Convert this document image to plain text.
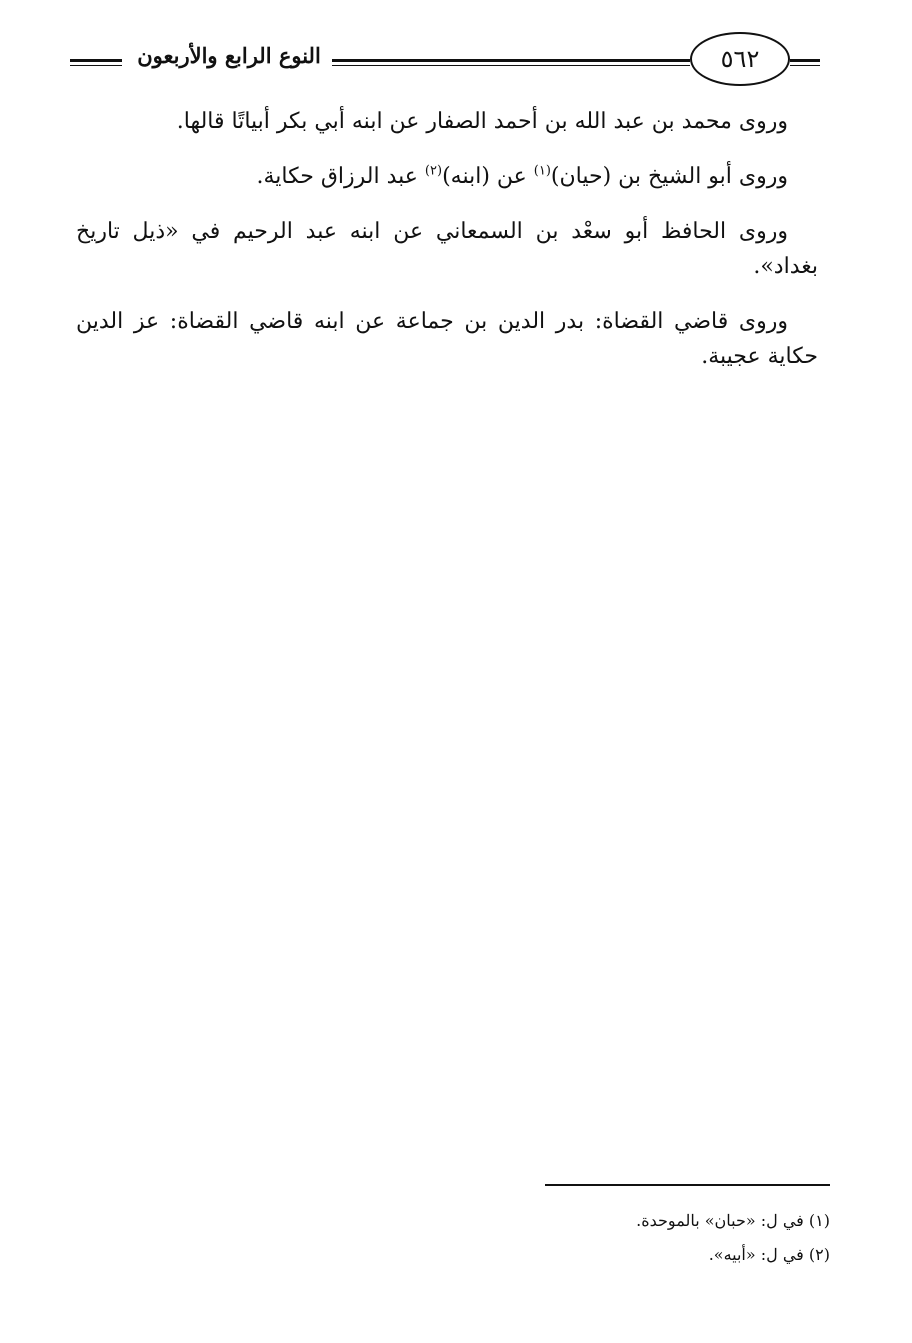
النوع الرابع والأربعون	٥٦٢

وروى محمد بن عبد الله بن أحمد الصفار عن ابنه أبي بكر أبياتًا قالها.

وروى أبو الشيخ بن (حيان)$^{(١)}$ عن (ابنه)$^{(٢)}$ عبد الرزاق حكاية.

وروى الحافظ أبو سعْد بن السمعاني عن ابنه عبد الرحيم في «ذيل تاريخ بغداد».

وروى قاضي القضاة: بدر الدين بن جماعة عن ابنه قاضي القضاة: عز الدين حكاية عجيبة.

(١) في ل: «حبان» بالموحدة.

(٢) في ل: «أبيه».
